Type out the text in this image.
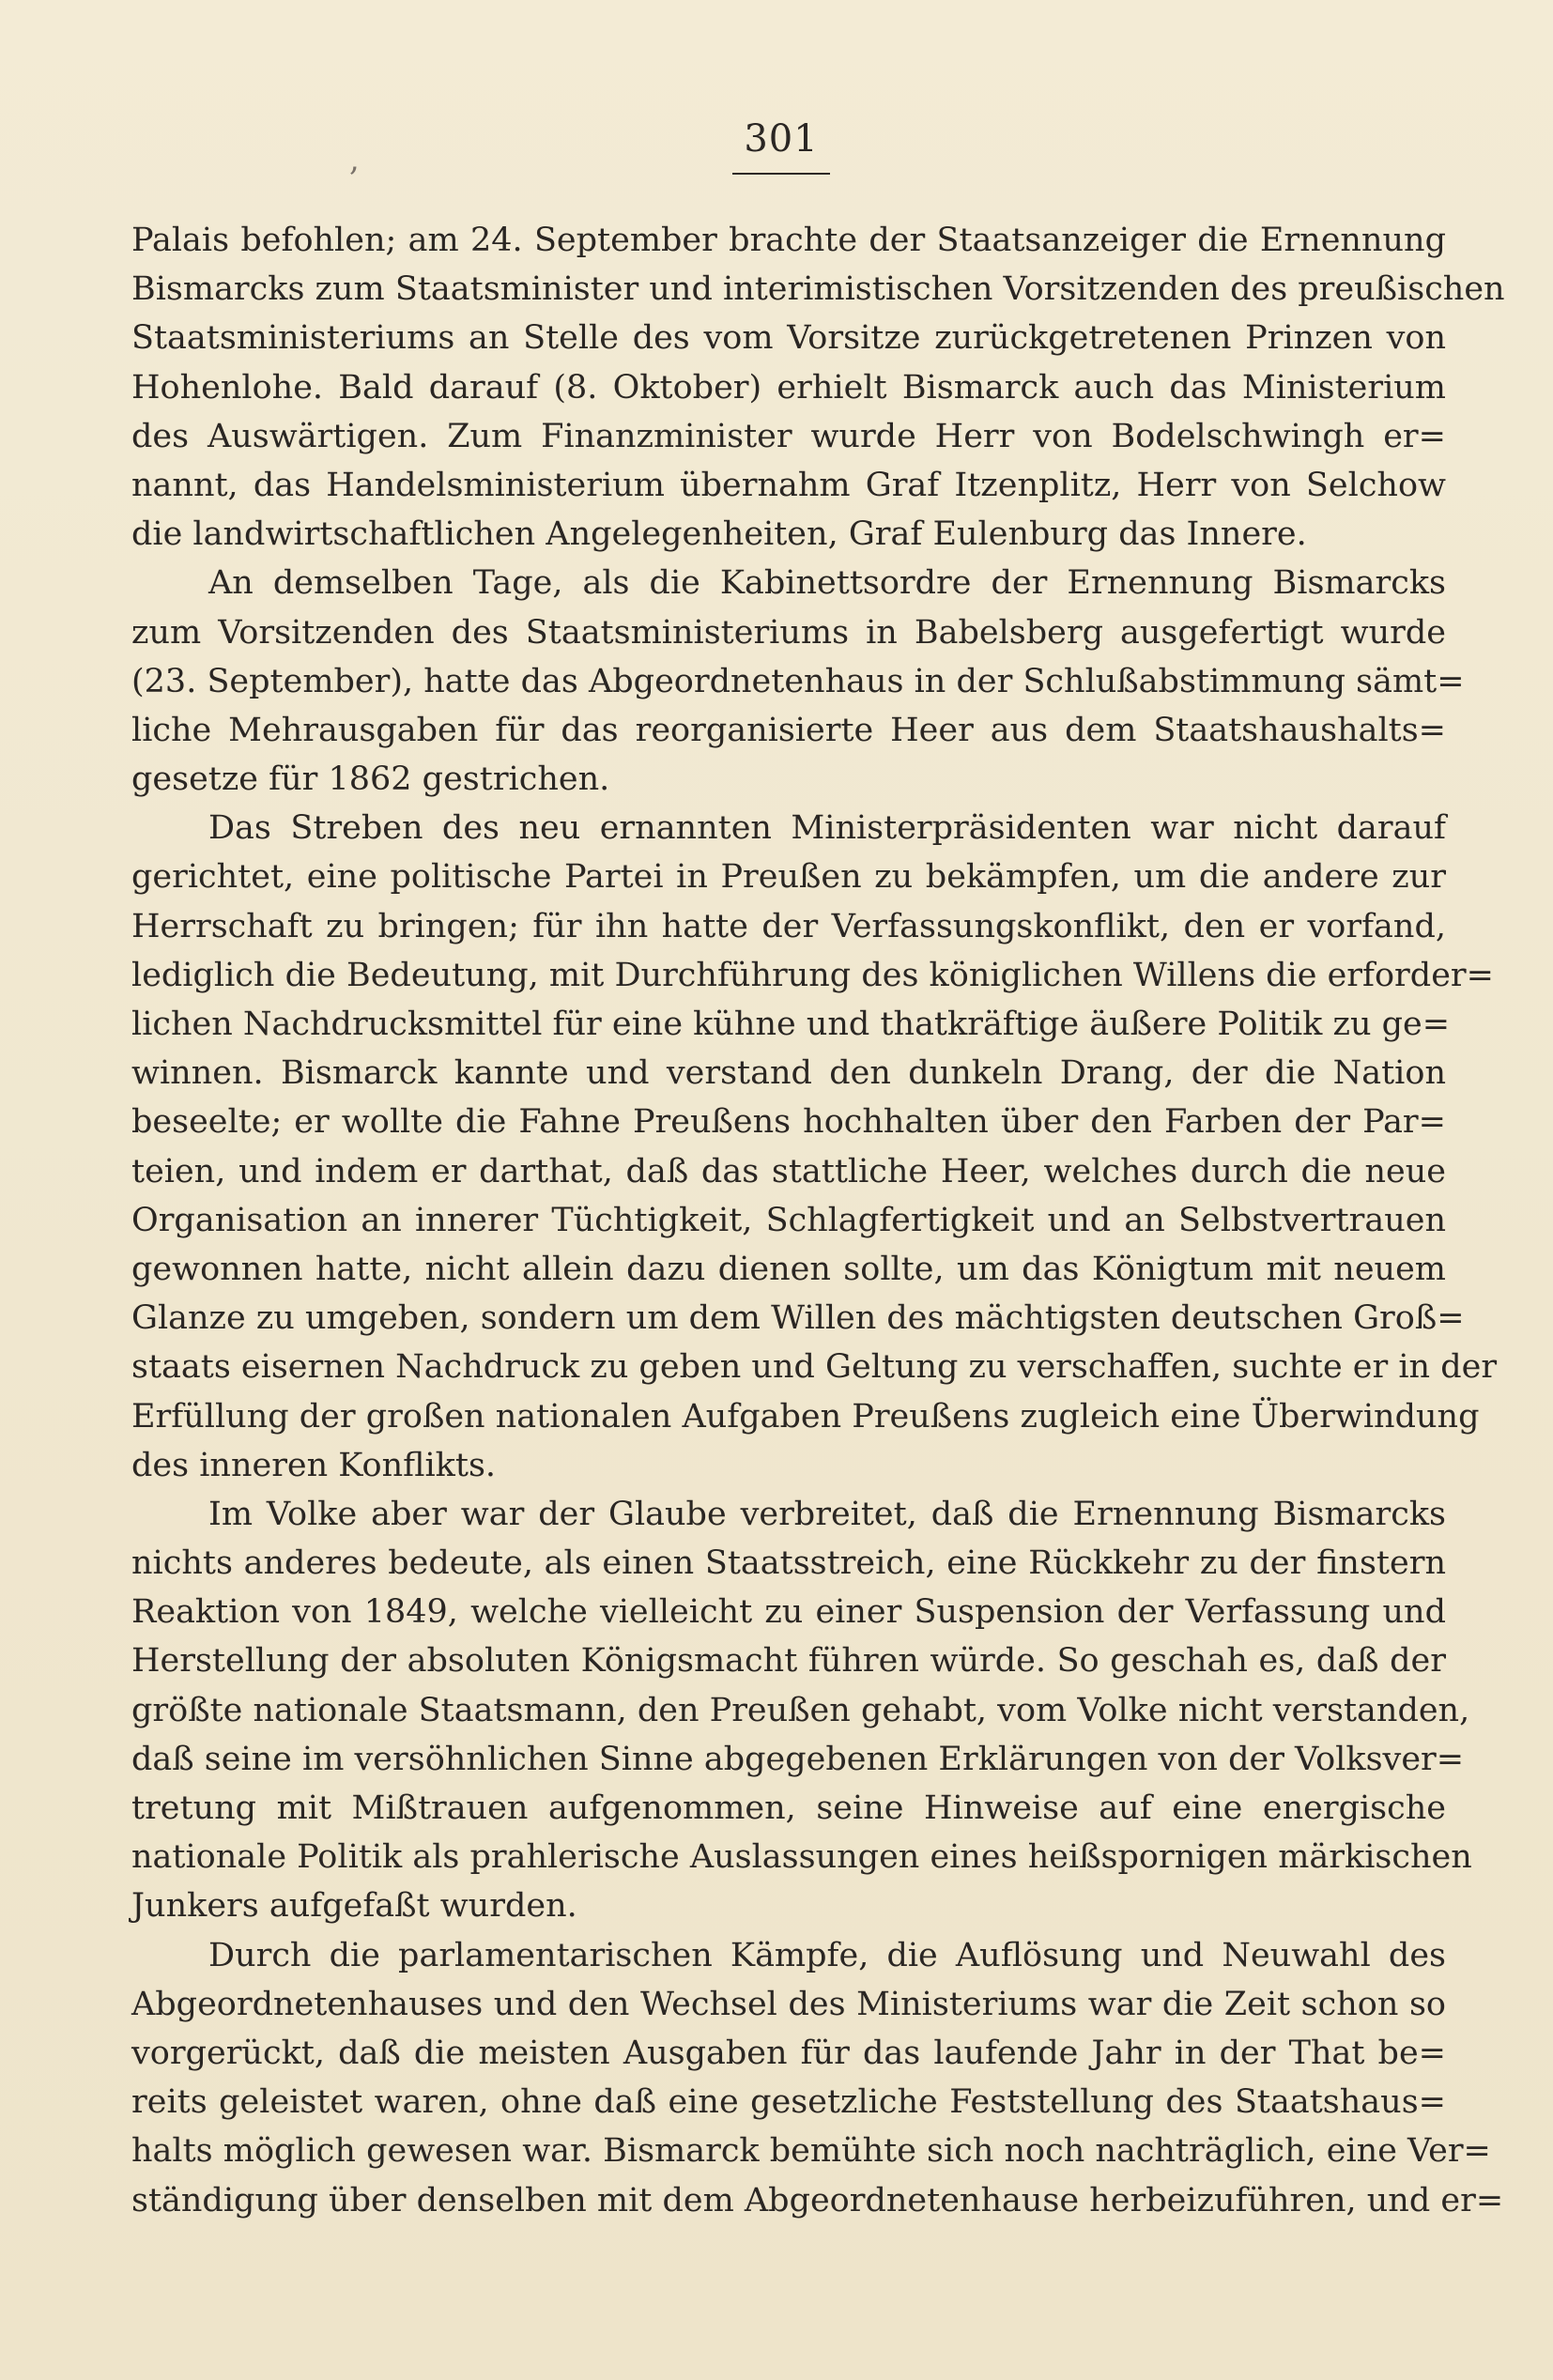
,	301
Palais befohlen; am 24. September brachte der Staatsanzeiger die Ernennung
Bismarcks zum Staatsminister und interimistischen Vorsitzenden des preußischen
Staatsministeriums an Stelle des vom Vorsitze zurückgetretenen Prinzen von
Hohenlohe. Bald darauf (8. Oktober) erhielt Bismarck auch das Ministerium
des Auswärtigen. Zum Finanzminister wurde Herr von Bodelschwingh er=
nannt, das Handelsministerium übernahm Graf Itzenplitz, Herr von Selchow
die landwirtschaftlichen Angelegenheiten, Graf Eulenburg das Innere.
An demselben Tage, als die Kabinettsordre der Ernennung Bismarcks
zum Vorsitzenden des Staatsministeriums in Babelsberg ausgefertigt wurde
(23. September), hatte das Abgeordnetenhaus in der Schlußabstimmung sämt=
liche Mehrausgaben für das reorganisierte Heer aus dem Staatshaushalts=
gesetze für 1862 gestrichen.
Das Streben des neu ernannten Ministerpräsidenten war nicht darauf
gerichtet, eine politische Partei in Preußen zu bekämpfen, um die andere zur
Herrschaft zu bringen; für ihn hatte der Verfassungskonflikt, den er vorfand,
lediglich die Bedeutung, mit Durchführung des königlichen Willens die erforder=
lichen Nachdrucksmittel für eine kühne und thatkräftige äußere Politik zu ge=
winnen. Bismarck kannte und verstand den dunkeln Drang, der die Nation
beseelte; er wollte die Fahne Preußens hochhalten über den Farben der Par=
teien, und indem er darthat, daß das stattliche Heer, welches durch die neue
Organisation an innerer Tüchtigkeit, Schlagfertigkeit und an Selbstvertrauen
gewonnen hatte, nicht allein dazu dienen sollte, um das Königtum mit neuem
Glanze zu umgeben, sondern um dem Willen des mächtigsten deutschen Groß=
staats eisernen Nachdruck zu geben und Geltung zu verschaffen, suchte er in der
Erfüllung der großen nationalen Aufgaben Preußens zugleich eine Überwindung
des inneren Konflikts.
Im Volke aber war der Glaube verbreitet, daß die Ernennung Bismarcks
nichts anderes bedeute, als einen Staatsstreich, eine Rückkehr zu der finstern
Reaktion von 1849, welche vielleicht zu einer Suspension der Verfassung und
Herstellung der absoluten Königsmacht führen würde. So geschah es, daß der
größte nationale Staatsmann, den Preußen gehabt, vom Volke nicht verstanden,
daß seine im versöhnlichen Sinne abgegebenen Erklärungen von der Volksver=
tretung mit Mißtrauen aufgenommen, seine Hinweise auf eine energische
nationale Politik als prahlerische Auslassungen eines heißspornigen märkischen
Junkers aufgefaßt wurden.
Durch die parlamentarischen Kämpfe, die Auflösung und Neuwahl des
Abgeordnetenhauses und den Wechsel des Ministeriums war die Zeit schon so
vorgerückt, daß die meisten Ausgaben für das laufende Jahr in der That be=
reits geleistet waren, ohne daß eine gesetzliche Feststellung des Staatshaus=
halts möglich gewesen war. Bismarck bemühte sich noch nachträglich, eine Ver=
ständigung über denselben mit dem Abgeordnetenhause herbeizuführen, und er=
